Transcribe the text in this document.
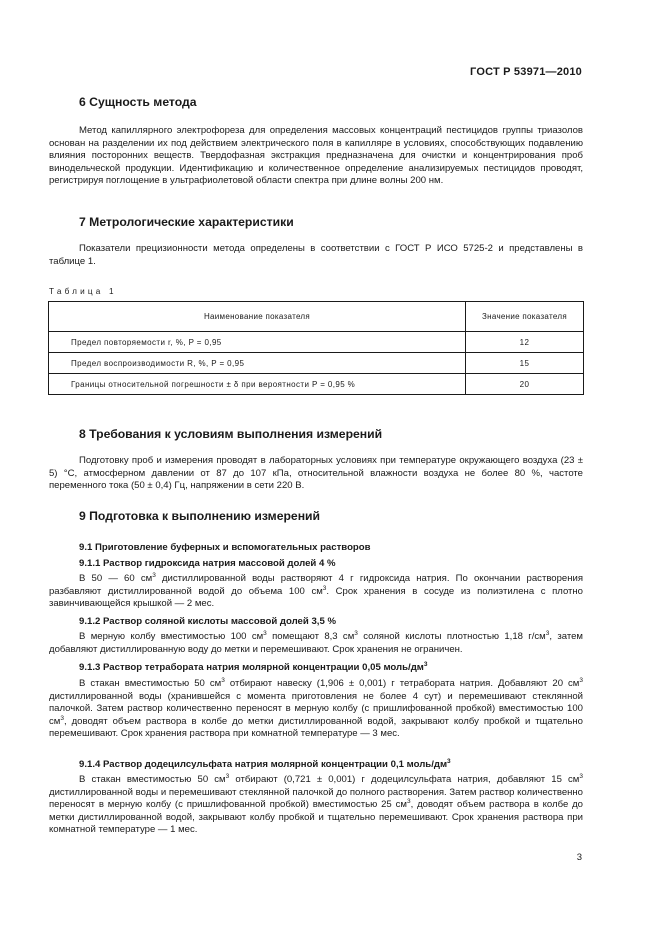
ГОСТ Р 53971—2010
6 Сущность метода

Метод капиллярного электрофореза для определения массовых концентраций пестицидов группы триазолов основан на разделении их под действием электрического поля в капилляре в условиях, способствующих подавлению влияния посторонних веществ. Твердофазная экстракция предназначена для очистки и концентрирования проб винодельческой продукции. Идентификацию и количественное определение анализируемых пестицидов проводят, регистрируя поглощение в ультрафиолетовой области спектра при длине волны 200 нм.

7 Метрологические характеристики

Показатели прецизионности метода определены в соответствии с ГОСТ Р ИСО 5725-2 и представлены в таблице 1.

Таблица 1

Наименование показателя	Значение показателя
Предел повторяемости r, %, P = 0,95	12
Предел воспроизводимости R, %, P = 0,95	15
Границы относительной погрешности ± δ при вероятности P = 0,95 %	20
8 Требования к условиям выполнения измерений

Подготовку проб и измерения проводят в лабораторных условиях при температуре окружающего воздуха (23 ± 5) °С, атмосферном давлении от 87 до 107 кПа, относительной влажности воздуха не более 80 %, частоте переменного тока (50 ± 0,4) Гц, напряжении в сети 220 В.

9 Подготовка к выполнению измерений
9.1 Приготовление буферных и вспомогательных растворов
9.1.1 Раствор гидроксида натрия массовой долей 4 %

В 50 — 60 $см^3$ дистиллированной воды растворяют 4 г гидроксида натрия. По окончании растворения разбавляют дистиллированной водой до объема 100 $см^3$. Срок хранения в сосуде из полиэтилена с плотно завинчивающейся крышкой — 2 мес.

9.1.2 Раствор соляной кислоты массовой долей 3,5 %

В мерную колбу вместимостью 100 $см^3$ помещают 8,3 $см^3$ соляной кислоты плотностью 1,18 $г/см^3$, затем добавляют дистиллированную воду до метки и перемешивают. Срок хранения не ограничен.

9.1.3 Раствор тетрабората натрия молярной концентрации 0,05 моль/$дм^3$

В стакан вместимостью 50 $см^3$ отбирают навеску (1,906 ± 0,001) г тетрабората натрия. Добавляют 20 $см^3$ дистиллированной воды (хранившейся с момента приготовления не более 4 сут) и перемешивают стеклянной палочкой. Затем раствор количественно переносят в мерную колбу (с пришлифованной пробкой) вместимостью 100 $см^3$, доводят объем раствора в колбе до метки дистиллированной водой, закрывают колбу пробкой и тщательно перемешивают. Срок хранения раствора при комнатной температуре — 3 мес.

9.1.4 Раствор додецилсульфата натрия молярной концентрации 0,1 моль/$дм^3$

В стакан вместимостью 50 $см^3$ отбирают (0,721 ± 0,001) г додецилсульфата натрия, добавляют 15 $см^3$ дистиллированной воды и перемешивают стеклянной палочкой до полного растворения. Затем раствор количественно переносят в мерную колбу (с пришлифованной пробкой) вместимостью 25 $см^3$, доводят объем раствора в колбе до метки дистиллированной водой, закрывают колбу пробкой и тщательно перемешивают. Срок хранения раствора при комнатной температуре — 1 мес.

3
